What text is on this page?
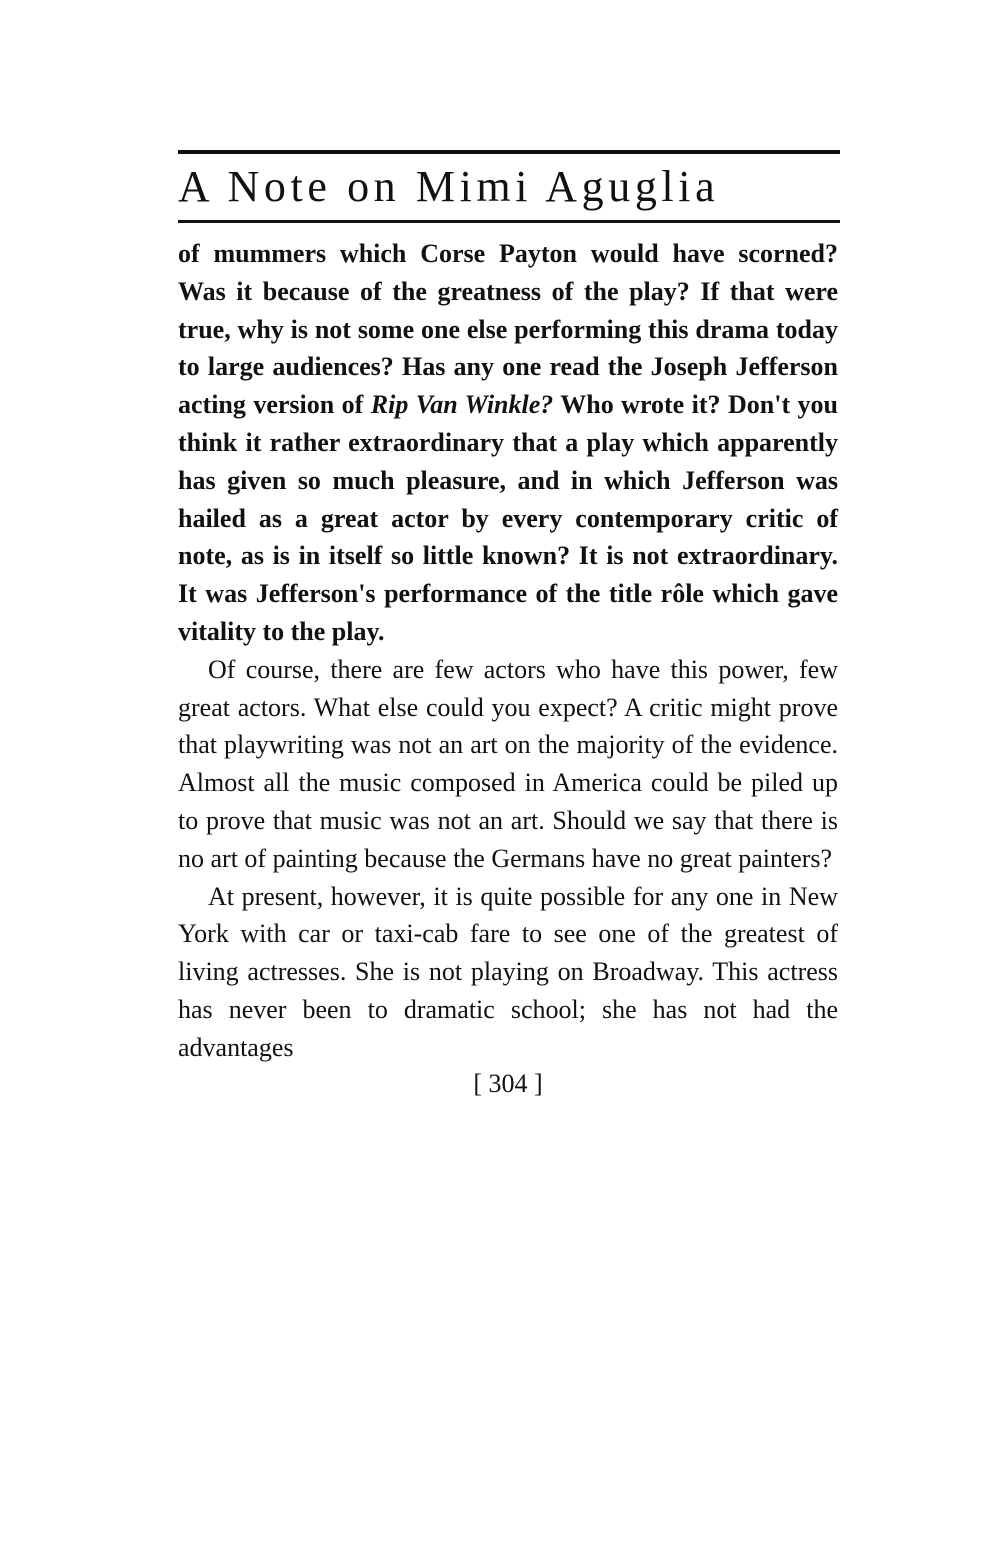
A Note on Mimi Aguglia

of mummers which Corse Payton would have scorned? Was it because of the greatness of the play? If that were true, why is not some one else performing this drama today to large audiences? Has any one read the Joseph Jefferson acting version of Rip Van Winkle? Who wrote it? Don't you think it rather extraordinary that a play which apparently has given so much pleasure, and in which Jefferson was hailed as a great actor by every contemporary critic of note, as is in itself so little known? It is not extraordinary. It was Jefferson's performance of the title rôle which gave vitality to the play.

Of course, there are few actors who have this power, few great actors. What else could you expect? A critic might prove that playwriting was not an art on the majority of the evidence. Almost all the music composed in America could be piled up to prove that music was not an art. Should we say that there is no art of painting because the Germans have no great painters?

At present, however, it is quite possible for any one in New York with car or taxi-cab fare to see one of the greatest of living actresses. She is not playing on Broadway. This actress has never been to dramatic school; she has not had the advantages

[ 304 ]
